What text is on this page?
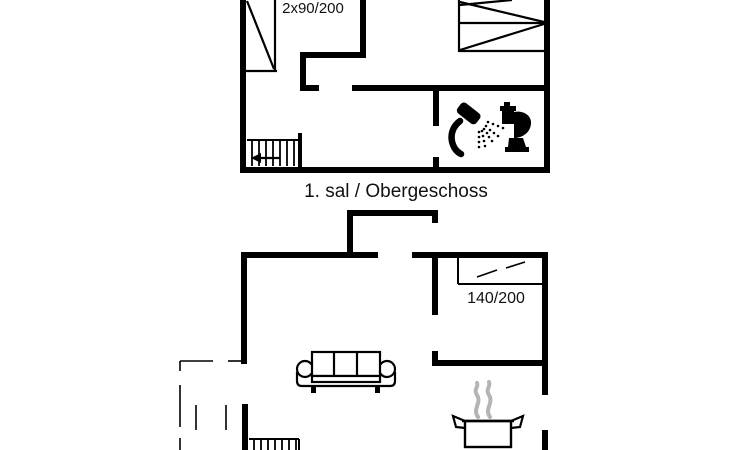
2x90/200
1. sal / Obergeschoss
140/200
